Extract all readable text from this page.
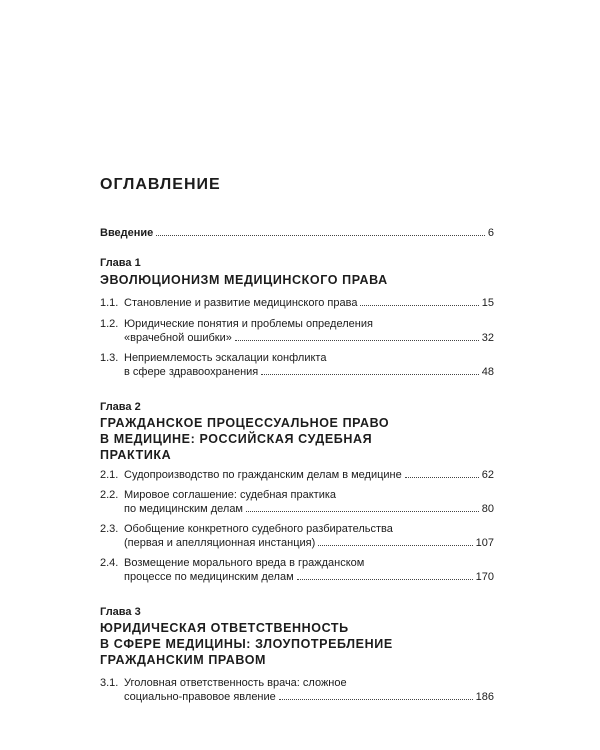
ОГЛАВЛЕНИЕ
Введение	6
Глава 1
ЭВОЛЮЦИОНИЗМ МЕДИЦИНСКОГО ПРАВА
1.1. Становление и развитие медицинского права	15
1.2. Юридические понятия и проблемы определения
«врачебной ошибки»	32
1.3. Неприемлемость эскалации конфликта
в сфере здравоохранения	48
Глава 2
ГРАЖДАНСКОЕ ПРОЦЕССУАЛЬНОЕ ПРАВО
В МЕДИЦИНЕ: РОССИЙСКАЯ СУДЕБНАЯ
ПРАКТИКА
2.1. Судопроизводство по гражданским делам в медицине	62
2.2. Мировое соглашение: судебная практика
по медицинским делам	80
2.3. Обобщение конкретного судебного разбирательства
(первая и апелляционная инстанция)	107
2.4. Возмещение морального вреда в гражданском
процессе по медицинским делам	170
Глава 3
ЮРИДИЧЕСКАЯ ОТВЕТСТВЕННОСТЬ
В СФЕРЕ МЕДИЦИНЫ: ЗЛОУПОТРЕБЛЕНИЕ
ГРАЖДАНСКИМ ПРАВОМ
3.1. Уголовная ответственность врача: сложное
социально-правовое явление	186
